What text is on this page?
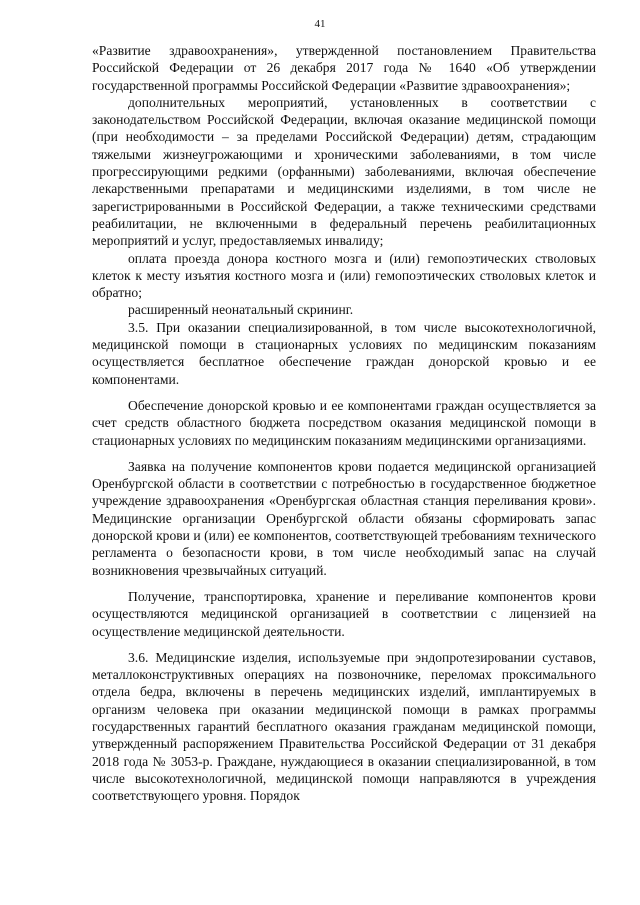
41

«Развитие здравоохранения», утвержденной постановлением Правительства Российской Федерации от 26 декабря 2017 года № 1640 «Об утверждении государственной программы Российской Федерации «Развитие здравоохранения»;

дополнительных мероприятий, установленных в соответствии с законодательством Российской Федерации, включая оказание медицинской помощи (при необходимости – за пределами Российской Федерации) детям, страдающим тяжелыми жизнеугрожающими и хроническими заболеваниями, в том числе прогрессирующими редкими (орфанными) заболеваниями, включая обеспечение лекарственными препаратами и медицинскими изделиями, в том числе не зарегистрированными в Российской Федерации, а также техническими средствами реабилитации, не включенными в федеральный перечень реабилитационных мероприятий и услуг, предоставляемых инвалиду;

оплата проезда донора костного мозга и (или) гемопоэтических стволовых клеток к месту изъятия костного мозга и (или) гемопоэтических стволовых клеток и обратно;

расширенный неонатальный скрининг.

3.5. При оказании специализированной, в том числе высокотехнологичной, медицинской помощи в стационарных условиях по медицинским показаниям осуществляется бесплатное обеспечение граждан донорской кровью и ее компонентами.

Обеспечение донорской кровью и ее компонентами граждан осуществляется за счет средств областного бюджета посредством оказания медицинской помощи в стационарных условиях по медицинским показаниям медицинскими организациями.

Заявка на получение компонентов крови подается медицинской организацией Оренбургской области в соответствии с потребностью в государственное бюджетное учреждение здравоохранения «Оренбургская областная станция переливания крови». Медицинские организации Оренбургской области обязаны сформировать запас донорской крови и (или) ее компонентов, соответствующей требованиям технического регламента о безопасности крови, в том числе необходимый запас на случай возникновения чрезвычайных ситуаций.

Получение, транспортировка, хранение и переливание компонентов крови осуществляются медицинской организацией в соответствии с лицензией на осуществление медицинской деятельности.

3.6. Медицинские изделия, используемые при эндопротезировании суставов, металлоконструктивных операциях на позвоночнике, переломах проксимального отдела бедра, включены в перечень медицинских изделий, имплантируемых в организм человека при оказании медицинской помощи в рамках программы государственных гарантий бесплатного оказания гражданам медицинской помощи, утвержденный распоряжением Правительства Российской Федерации от 31 декабря 2018 года № 3053-р. Граждане, нуждающиеся в оказании специализированной, в том числе высокотехнологичной, медицинской помощи направляются в учреждения соответствующего уровня. Порядок
